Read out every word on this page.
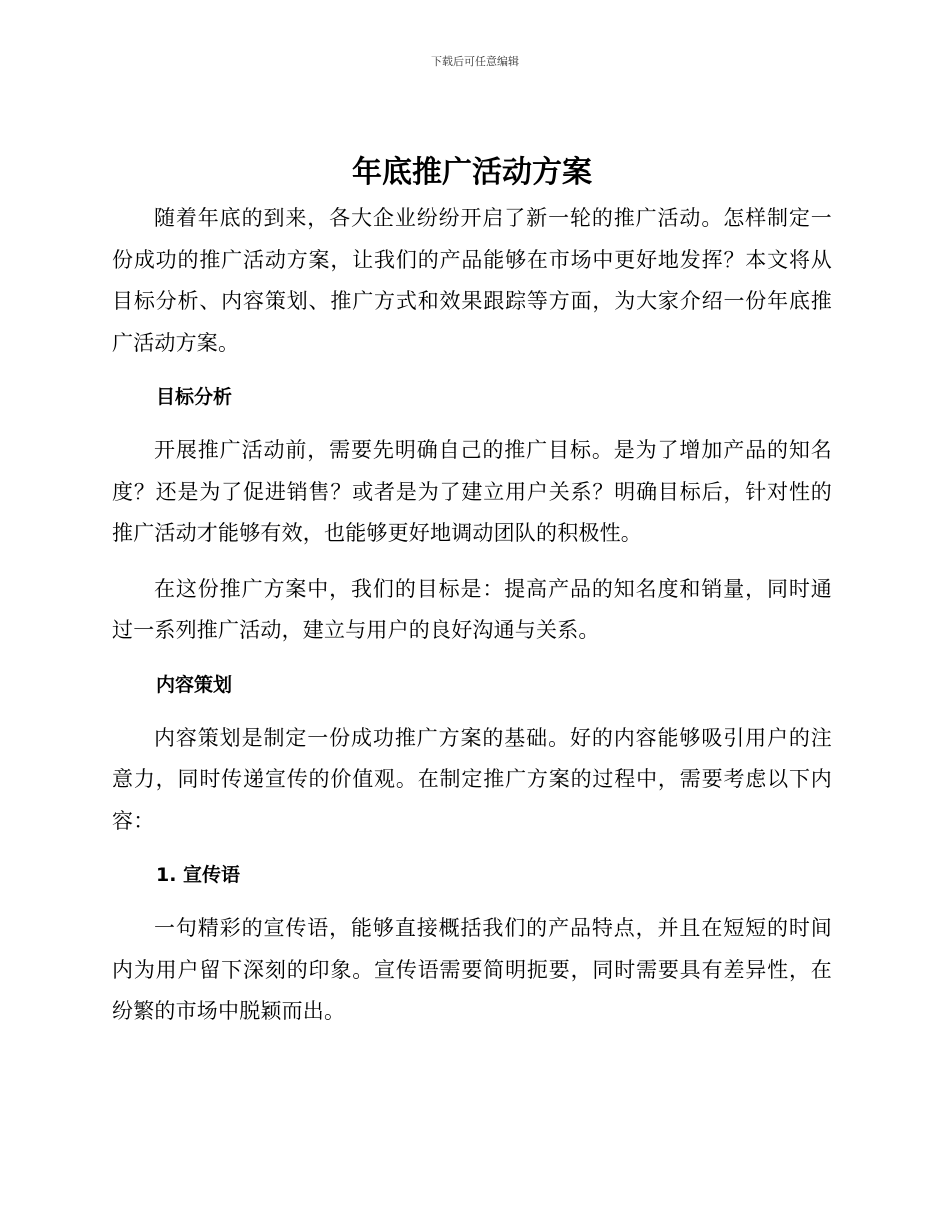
下载后可任意编辑
年底推广活动方案

随着年底的到来，各大企业纷纷开启了新一轮的推广活动。怎样制定一份成功的推广活动方案，让我们的产品能够在市场中更好地发挥？本文将从目标分析、内容策划、推广方式和效果跟踪等方面，为大家介绍一份年底推广活动方案。

目标分析

开展推广活动前，需要先明确自己的推广目标。是为了增加产品的知名度？还是为了促进销售？或者是为了建立用户关系？明确目标后，针对性的推广活动才能够有效，也能够更好地调动团队的积极性。

在这份推广方案中，我们的目标是：提高产品的知名度和销量，同时通过一系列推广活动，建立与用户的良好沟通与关系。

内容策划

内容策划是制定一份成功推广方案的基础。好的内容能够吸引用户的注意力，同时传递宣传的价值观。在制定推广方案的过程中，需要考虑以下内容：

1. 宣传语

一句精彩的宣传语，能够直接概括我们的产品特点，并且在短短的时间内为用户留下深刻的印象。宣传语需要简明扼要，同时需要具有差异性，在纷繁的市场中脱颖而出。
